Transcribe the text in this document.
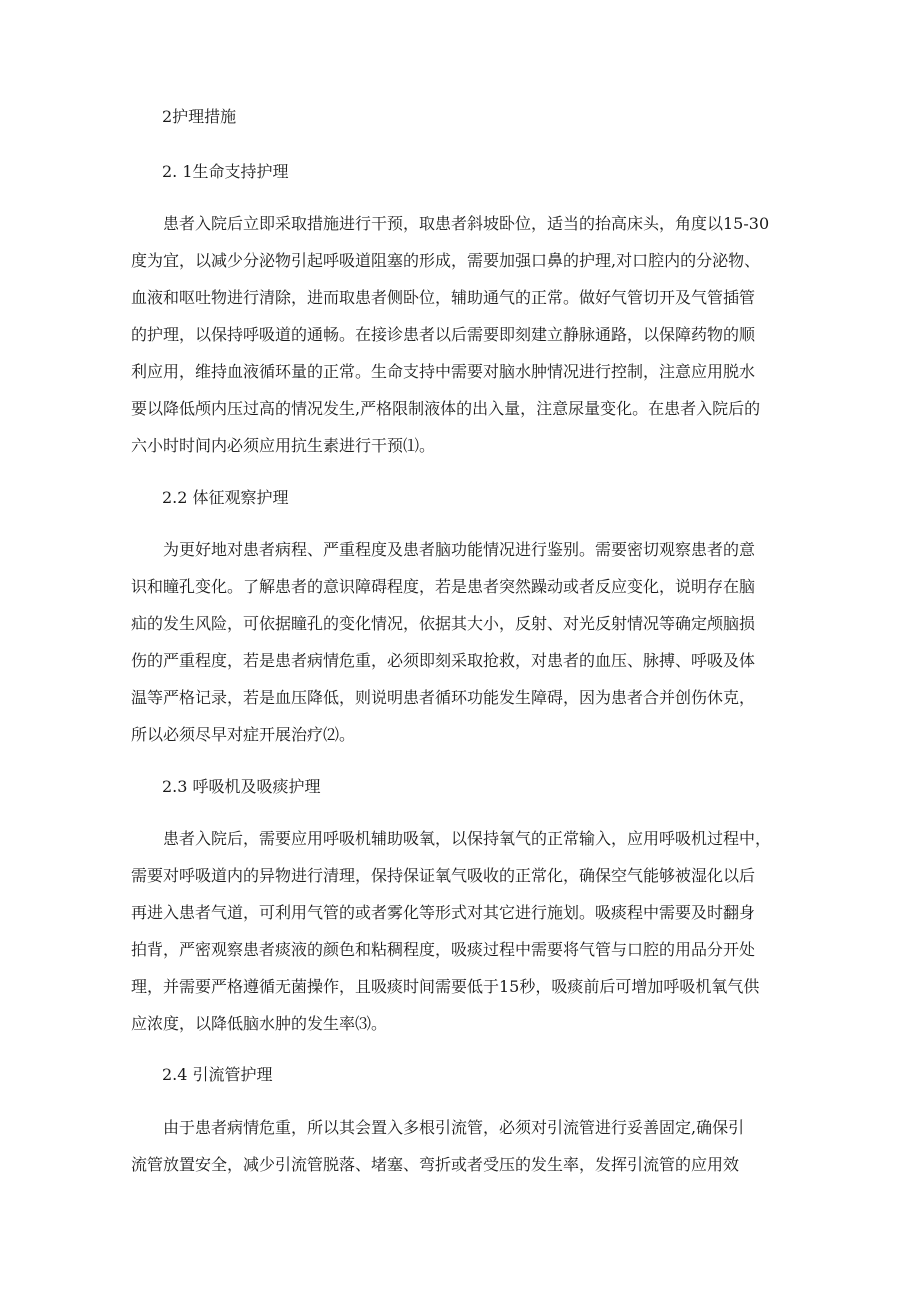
2护理措施
2. 1生命支持护理
患者入院后立即采取措施进行干预，取患者斜坡卧位，适当的抬高床头，角度以15-30
度为宜，以减少分泌物引起呼吸道阻塞的形成，需要加强口鼻的护理,对口腔内的分泌物、
血液和呕吐物进行清除，进而取患者侧卧位，辅助通气的正常。做好气管切开及气管插管
的护理，以保持呼吸道的通畅。在接诊患者以后需要即刻建立静脉通路，以保障药物的顺
利应用，维持血液循环量的正常。生命支持中需要对脑水肿情况进行控制，注意应用脱水
要以降低颅内压过高的情况发生,严格限制液体的出入量，注意尿量变化。在患者入院后的
六小时时间内必须应用抗生素进行干预⑴。
2.2 体征观察护理
为更好地对患者病程、严重程度及患者脑功能情况进行鉴别。需要密切观察患者的意
识和瞳孔变化。了解患者的意识障碍程度，若是患者突然躁动或者反应变化，说明存在脑
疝的发生风险，可依据瞳孔的变化情况，依据其大小，反射、对光反射情况等确定颅脑损
伤的严重程度，若是患者病情危重，必须即刻采取抢救，对患者的血压、脉搏、呼吸及体
温等严格记录，若是血压降低，则说明患者循环功能发生障碍，因为患者合并创伤休克，
所以必须尽早对症开展治疗⑵。
2.3 呼吸机及吸痰护理
患者入院后，需要应用呼吸机辅助吸氧，以保持氧气的正常输入，应用呼吸机过程中，
需要对呼吸道内的异物进行清理，保持保证氧气吸收的正常化，确保空气能够被湿化以后
再进入患者气道，可利用气管的或者雾化等形式对其它进行施划。吸痰程中需要及时翻身
拍背，严密观察患者痰液的颜色和粘稠程度，吸痰过程中需要将气管与口腔的用品分开处
理，并需要严格遵循无菌操作，且吸痰时间需要低于15秒，吸痰前后可增加呼吸机氧气供
应浓度，以降低脑水肿的发生率⑶。
2.4 引流管护理
由于患者病情危重，所以其会置入多根引流管，必须对引流管进行妥善固定,确保引
流管放置安全，减少引流管脱落、堵塞、弯折或者受压的发生率，发挥引流管的应用效
